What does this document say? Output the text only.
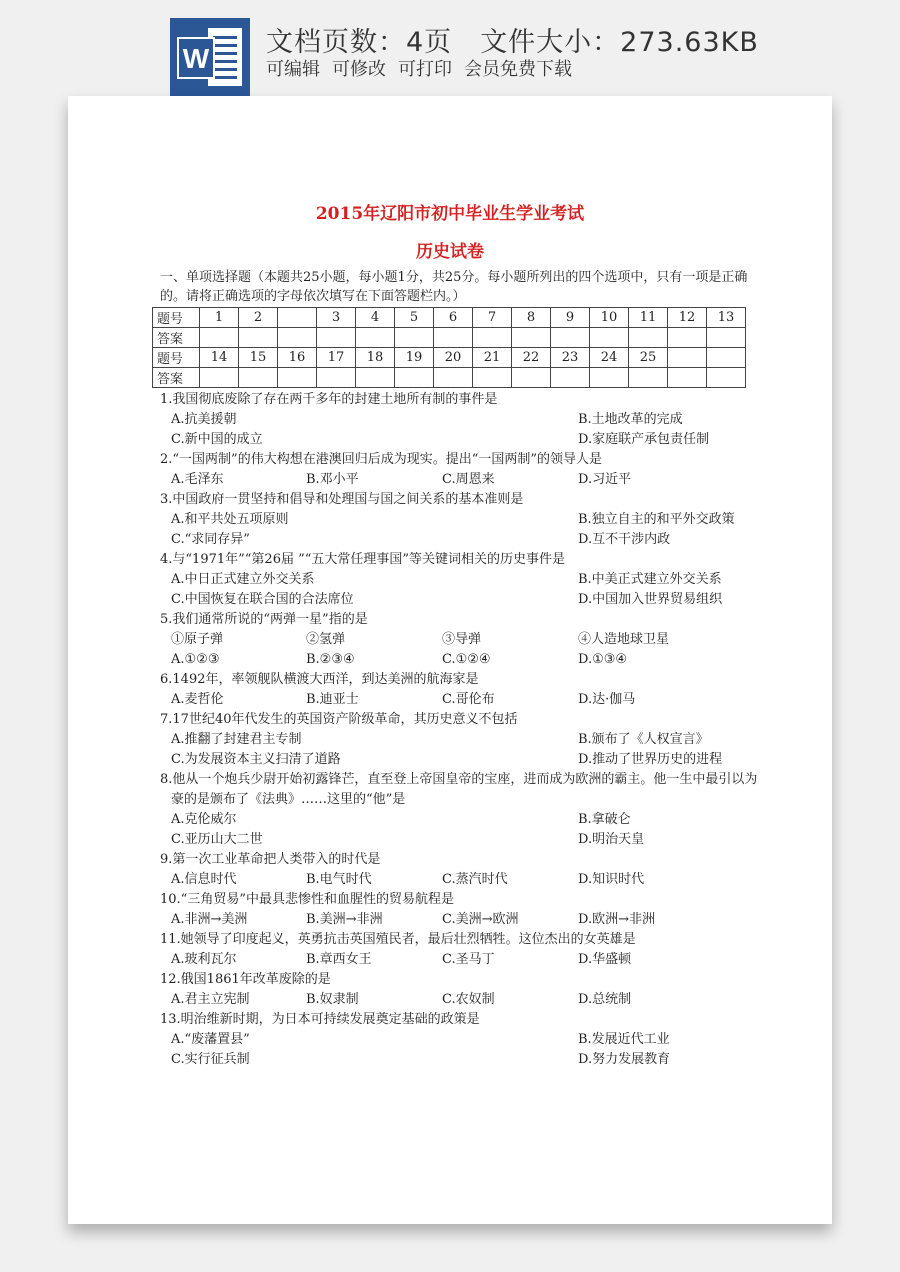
W
文档页数：4页 文件大小：273.63KB
可编辑 可修改 可打印 会员免费下载
2015年辽阳市初中毕业生学业考试
历史试卷
一、单项选择题（本题共25小题，每小题1分，共25分。每小题所列出的四个选项中，只有一项是正确的。请将正确选项的字母依次填写在下面答题栏内。）
题号	1	2		3	4	5	6	7	8	9	10	11	12	13
答案														
题号	14	15	16	17	18	19	20	21	22	23	24	25		
答案														
1.我国彻底废除了存在两千多年的封建土地所有制的事件是
A.抗美援朝	B.土地改革的完成
C.新中国的成立	D.家庭联产承包责任制
2.“一国两制”的伟大构想在港澳回归后成为现实。提出“一国两制”的领导人是
A.毛泽东	B.邓小平	C.周恩来	D.习近平
3.中国政府一贯坚持和倡导和处理国与国之间关系的基本准则是
A.和平共处五项原则	B.独立自主的和平外交政策
C.“求同存异”	D.互不干涉内政
4.与“1971年”“第26届 ”“五大常任理事国”等关键词相关的历史事件是
A.中日正式建立外交关系	B.中美正式建立外交关系
C.中国恢复在联合国的合法席位	D.中国加入世界贸易组织
5.我们通常所说的“两弹一星”指的是
①原子弹	②氢弹	③导弹	④人造地球卫星
A.①②③	B.②③④	C.①②④	D.①③④
6.1492年，率领舰队横渡大西洋，到达美洲的航海家是
A.麦哲伦	B.迪亚士	C.哥伦布	D.达·伽马
7.17世纪40年代发生的英国资产阶级革命，其历史意义不包括
A.推翻了封建君主专制	B.颁布了《人权宣言》
C.为发展资本主义扫清了道路	D.推动了世界历史的进程
8.他从一个炮兵少尉开始初露锋芒，直至登上帝国皇帝的宝座，进而成为欧洲的霸主。他一生中最引以为豪的是颁布了《法典》……这里的“他”是
A.克伦威尔	B.拿破仑
C.亚历山大二世	D.明治天皇
9.第一次工业革命把人类带入的时代是
A.信息时代	B.电气时代	C.蒸汽时代	D.知识时代
10.“三角贸易”中最具悲惨性和血腥性的贸易航程是
A.非洲→美洲	B.美洲→非洲	C.美洲→欧洲	D.欧洲→非洲
11.她领导了印度起义，英勇抗击英国殖民者，最后壮烈牺牲。这位杰出的女英雄是
A.玻利瓦尔	B.章西女王	C.圣马丁	D.华盛顿
12.俄国1861年改革废除的是
A.君主立宪制	B.奴隶制	C.农奴制	D.总统制
13.明治维新时期，为日本可持续发展奠定基础的政策是
A.“废藩置县”	B.发展近代工业
C.实行征兵制	D.努力发展教育
